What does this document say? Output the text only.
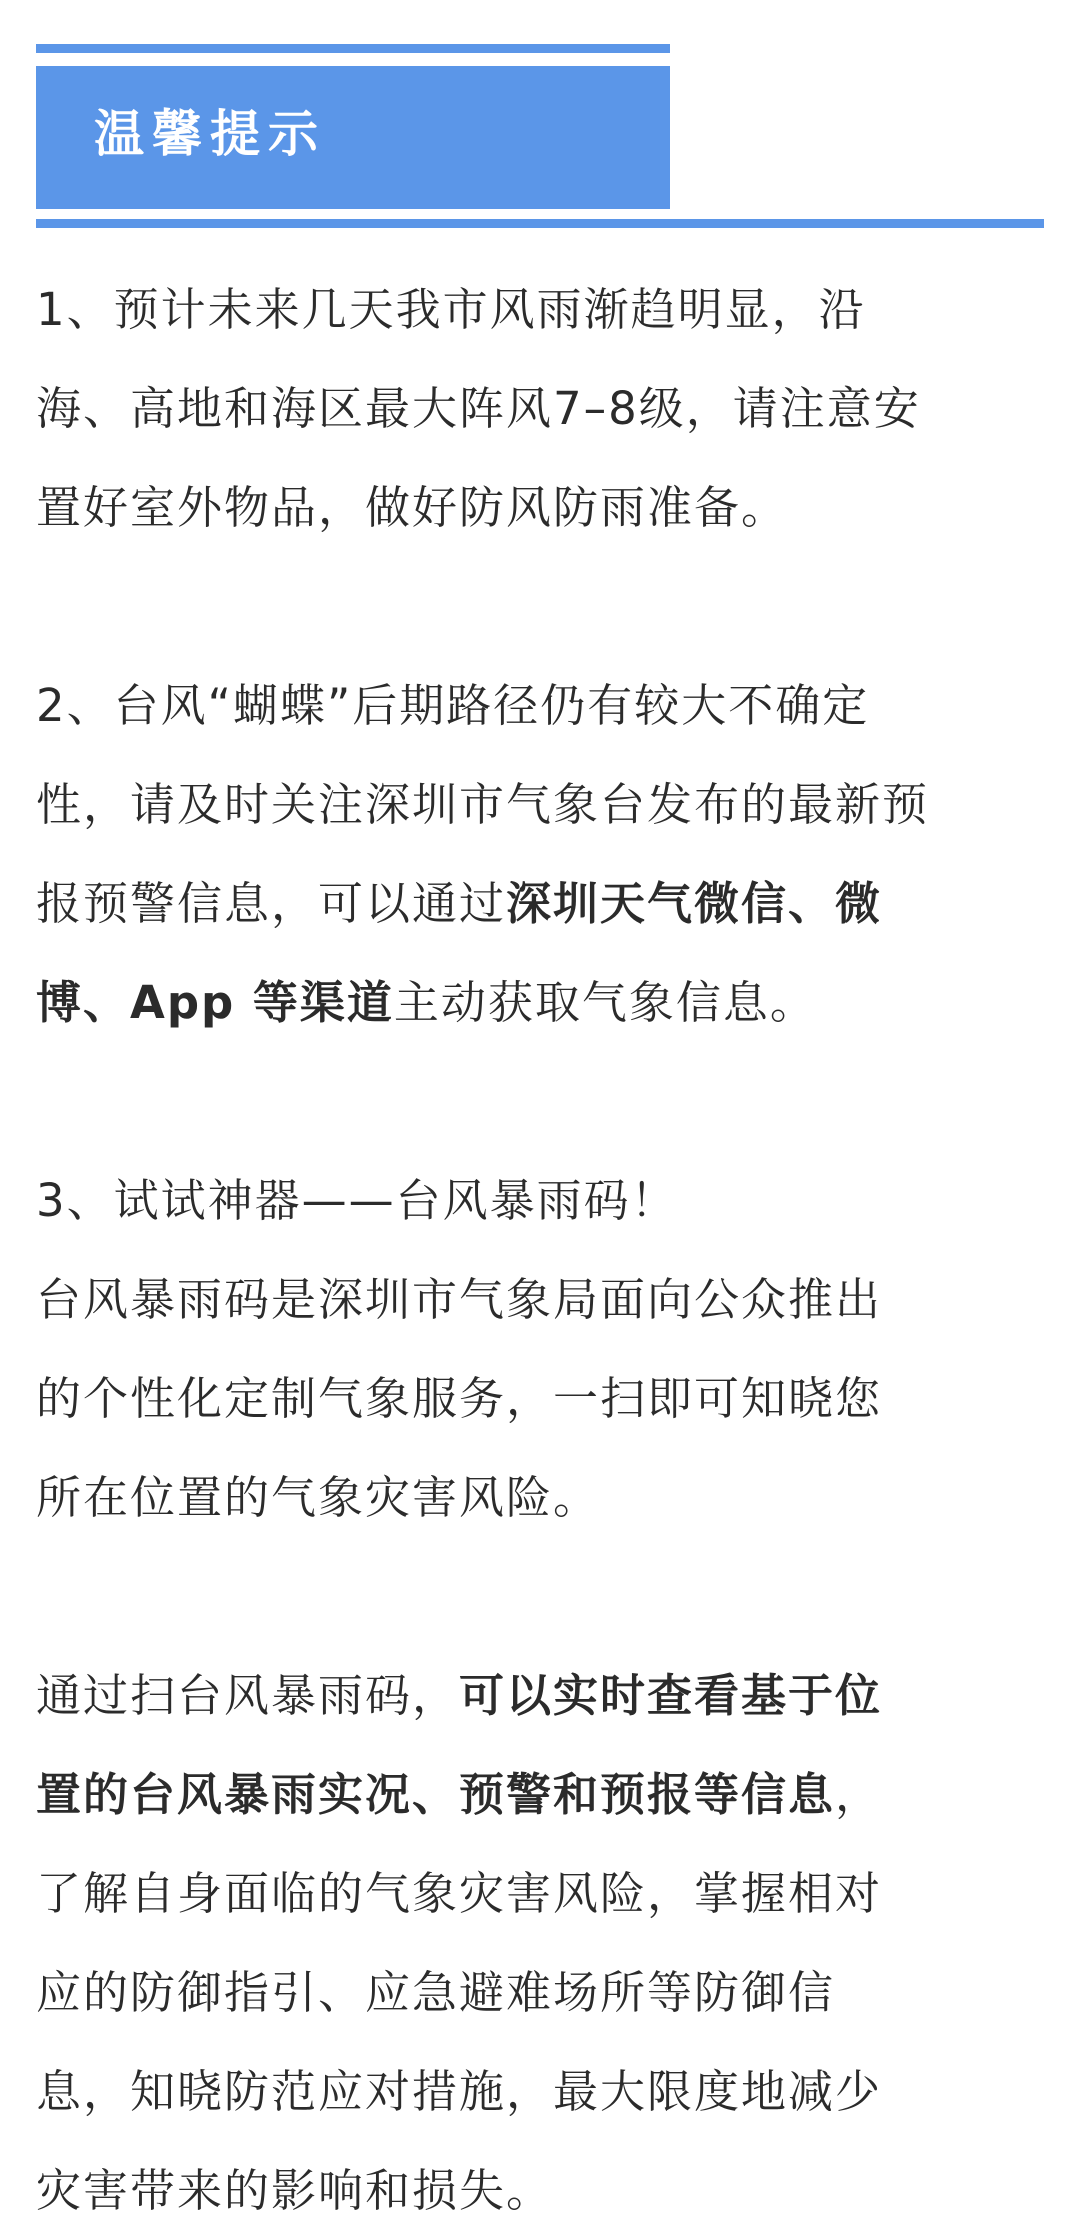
温馨提示
1、预计未来几天我市风雨渐趋明显，沿
海、高地和海区最大阵风7–8级，请注意安
置好室外物品，做好防风防雨准备。
2、台风“蝴蝶”后期路径仍有较大不确定
性，请及时关注深圳市气象台发布的最新预
报预警信息，可以通过深圳天气微信、微
博、App 等渠道主动获取气象信息。
3、试试神器——台风暴雨码！
台风暴雨码是深圳市气象局面向公众推出
的个性化定制气象服务，一扫即可知晓您
所在位置的气象灾害风险。
通过扫台风暴雨码，可以实时查看基于位
置的台风暴雨实况、预警和预报等信息，
了解自身面临的气象灾害风险，掌握相对
应的防御指引、应急避难场所等防御信
息，知晓防范应对措施，最大限度地减少
灾害带来的影响和损失。
